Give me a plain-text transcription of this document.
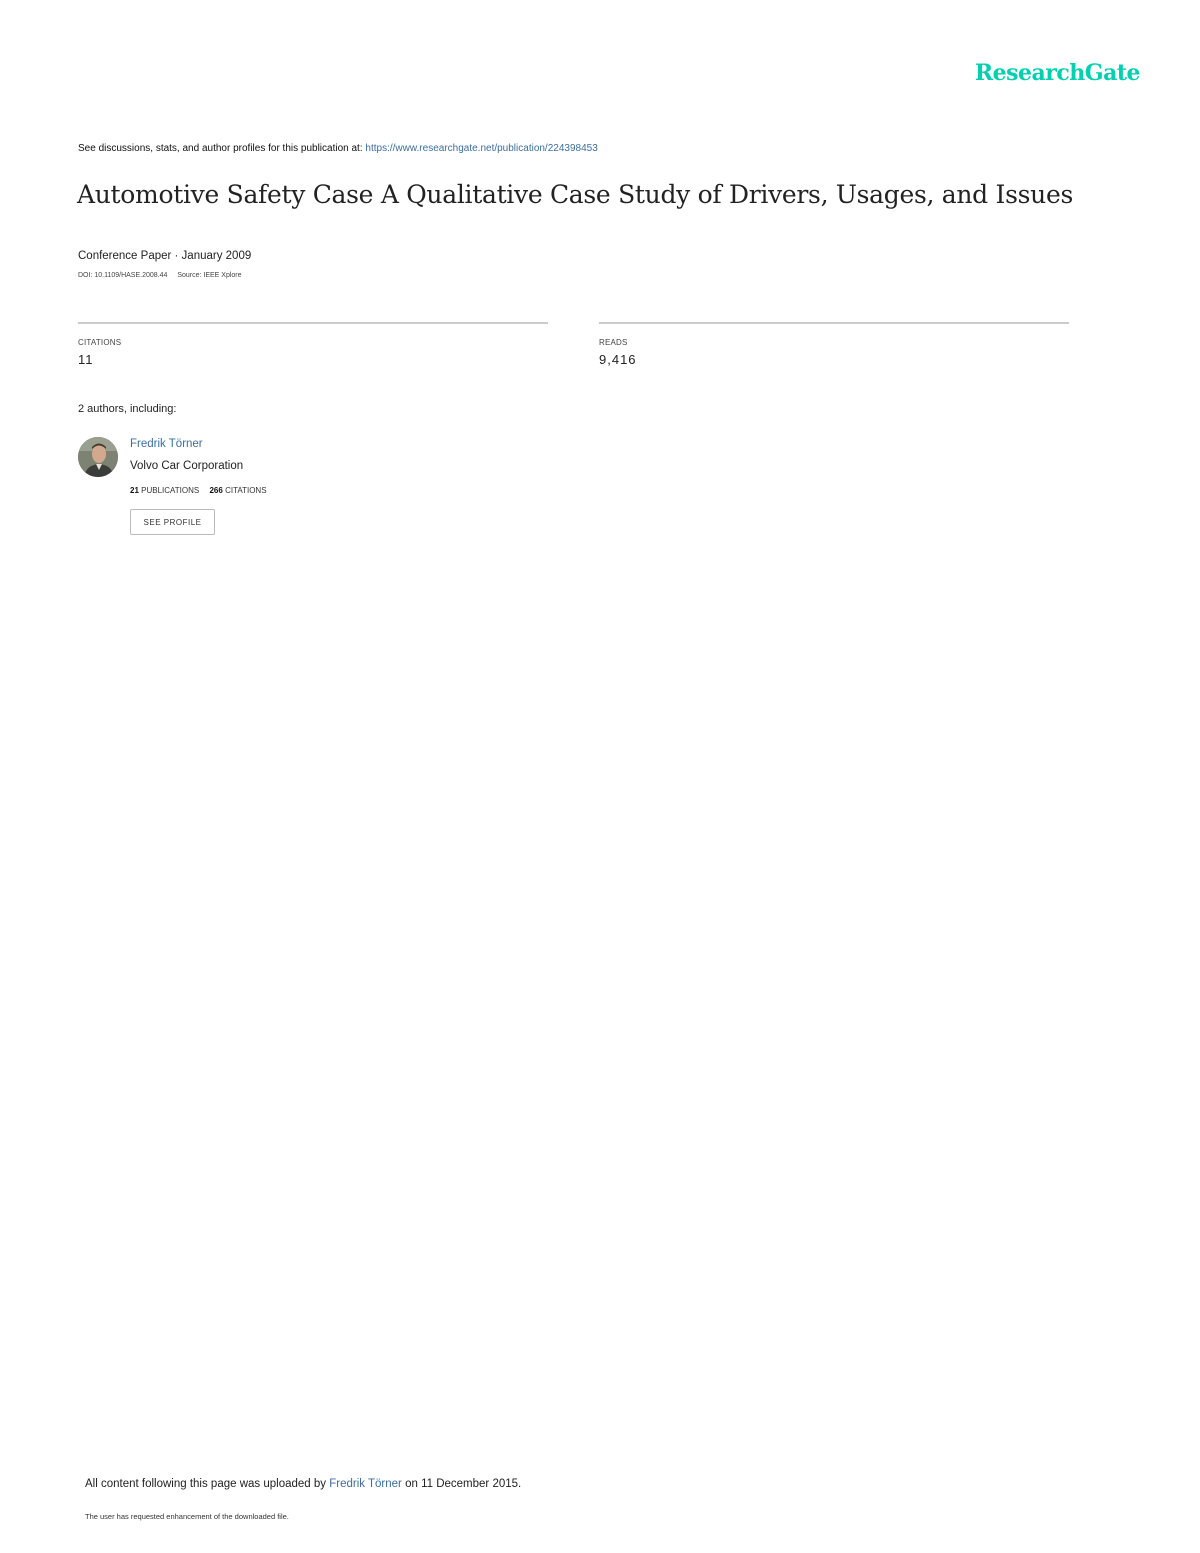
ResearchGate
See discussions, stats, and author profiles for this publication at: https://www.researchgate.net/publication/224398453
Automotive Safety Case A Qualitative Case Study of Drivers, Usages, and Issues
Conference Paper · January 2009
DOI: 10.1109/HASE.2008.44 Source: IEEE Xplore
CITATIONS
11
READS
9,416
2 authors, including:
Fredrik Törner
Volvo Car Corporation
21 PUBLICATIONS 266 CITATIONS
SEE PROFILE
All content following this page was uploaded by Fredrik Törner on 11 December 2015.
The user has requested enhancement of the downloaded file.
